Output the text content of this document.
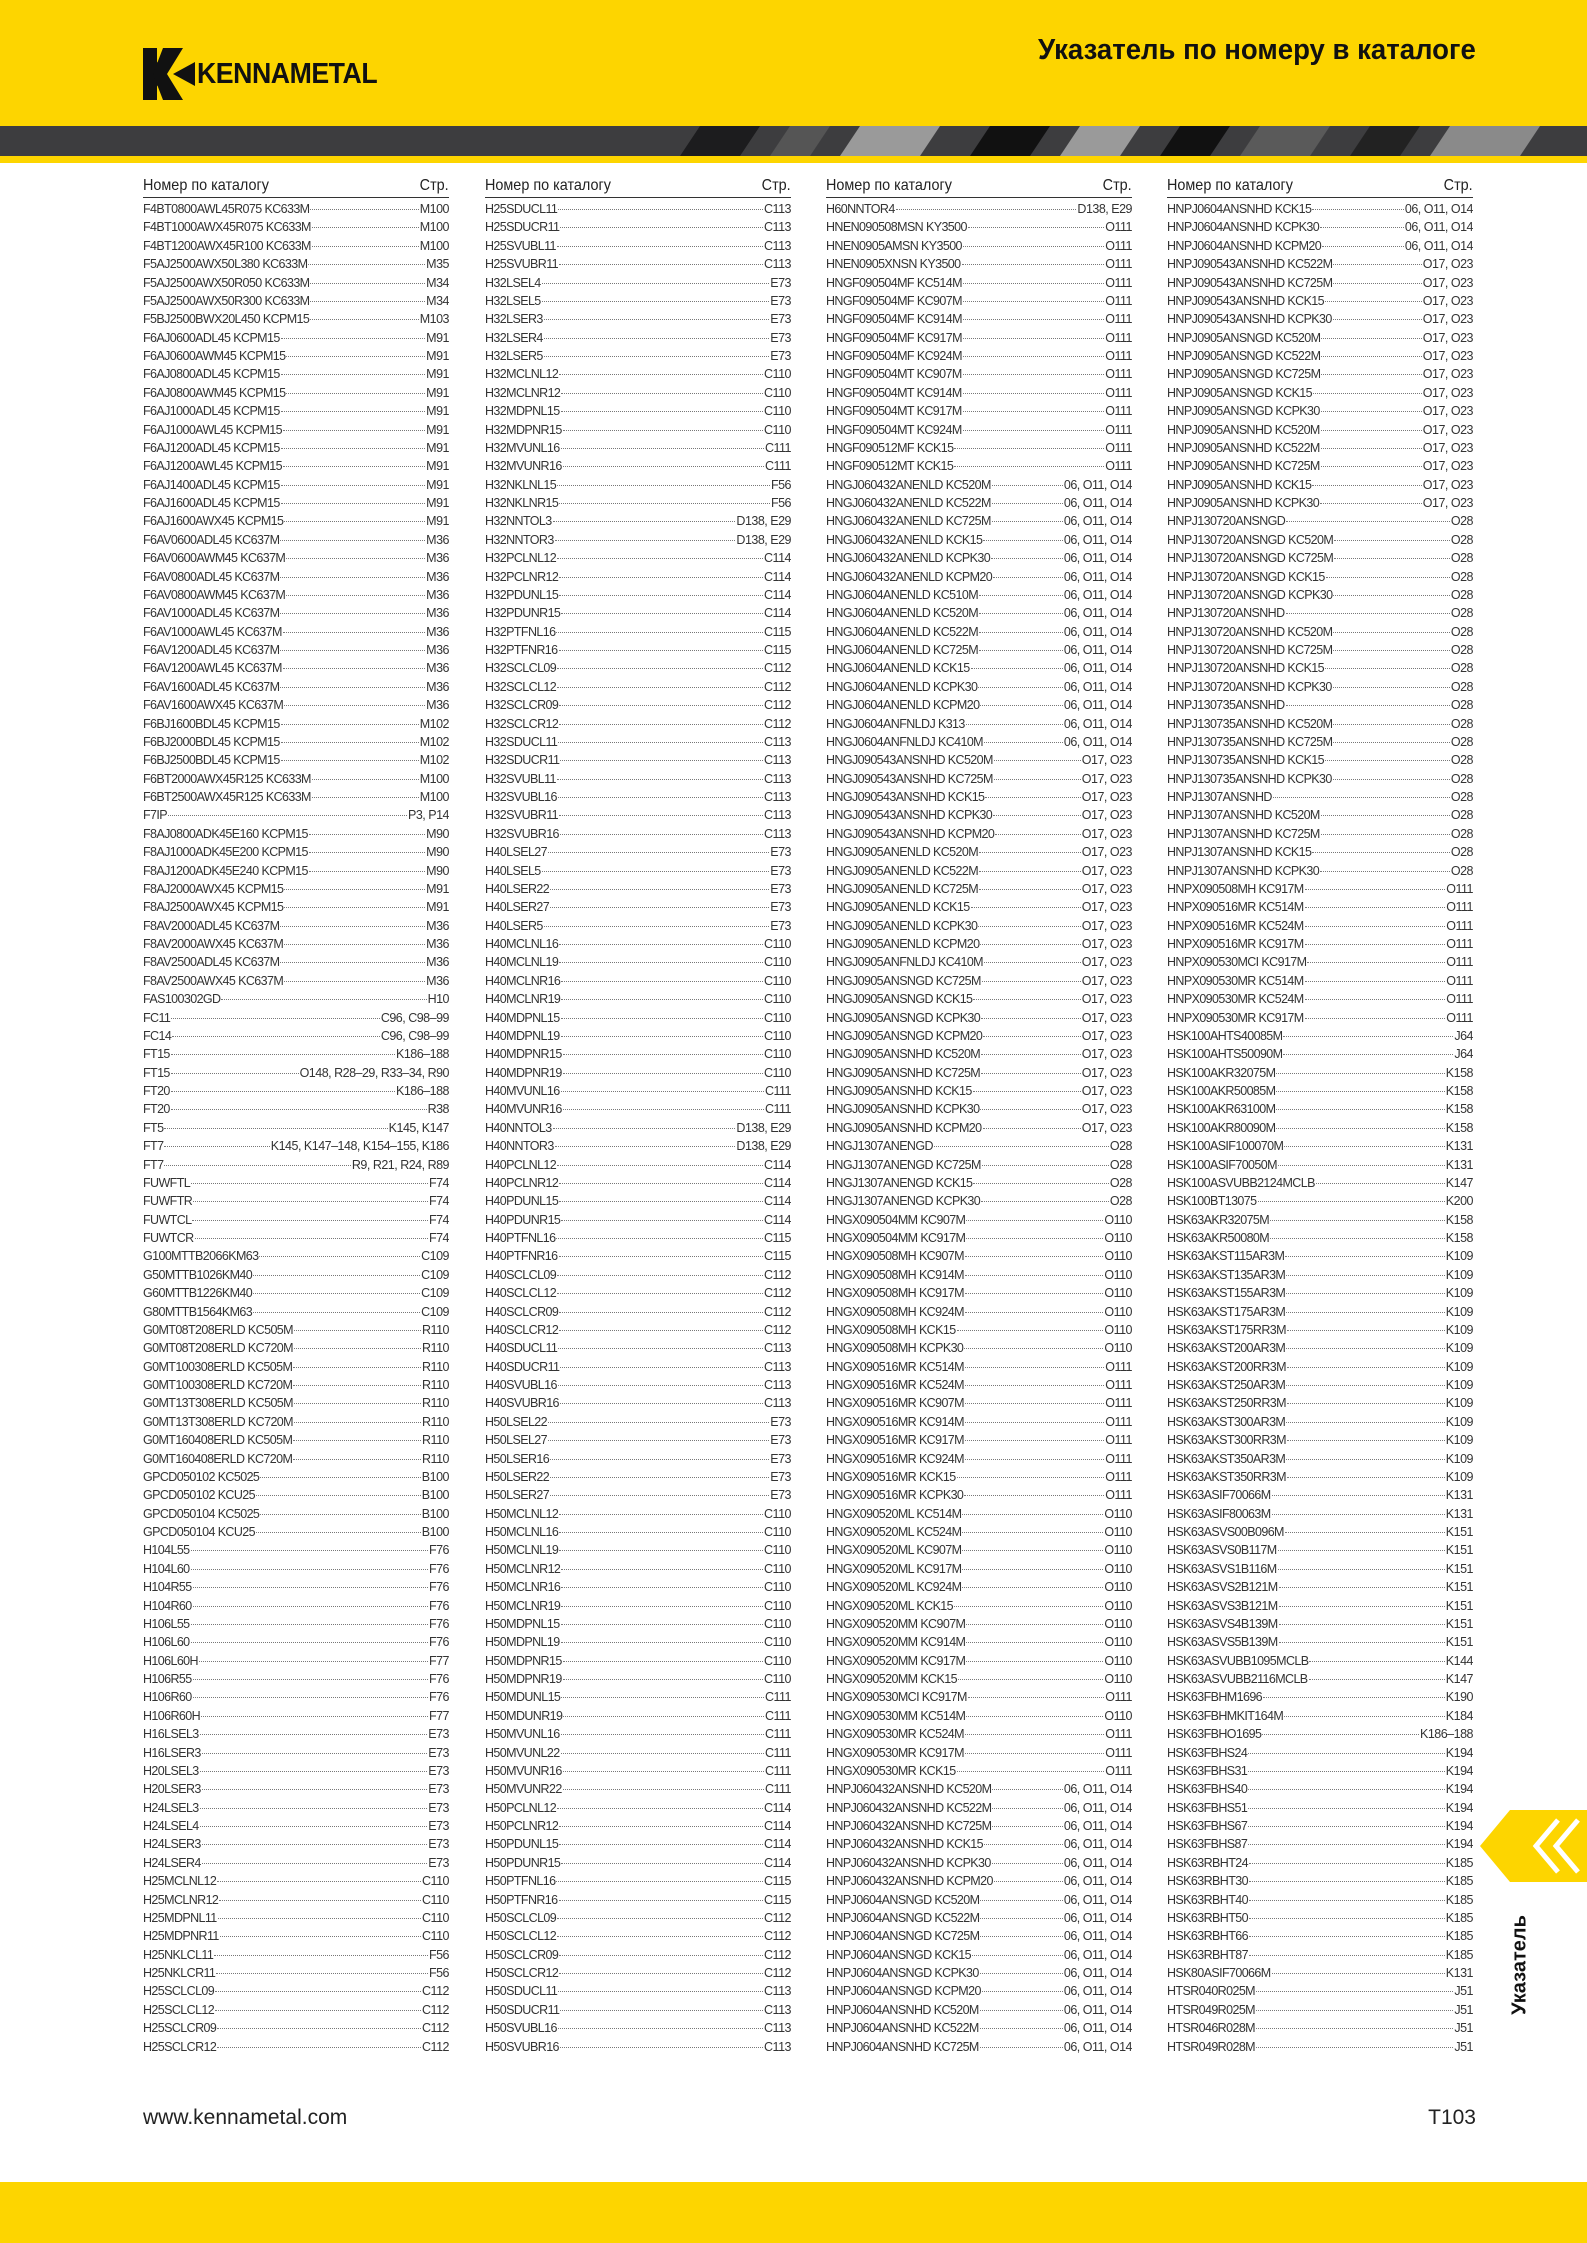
KENNAMETAL
Указатель по номеру в каталоге
Номер по каталогу	Стр.
F4BT0800AWL45R075 KC633M	M100
F4BT1000AWX45R075 KC633M	M100
F4BT1200AWX45R100 KC633M	M100
F5AJ2500AWX50L380 KC633M	M35
F5AJ2500AWX50R050 KC633M	M34
F5AJ2500AWX50R300 KC633M	M34
F5BJ2500BWX20L450 KCPM15	M103
F6AJ0600ADL45 KCPM15	M91
F6AJ0600AWM45 KCPM15	M91
F6AJ0800ADL45 KCPM15	M91
F6AJ0800AWM45 KCPM15	M91
F6AJ1000ADL45 KCPM15	M91
F6AJ1000AWL45 KCPM15	M91
F6AJ1200ADL45 KCPM15	M91
F6AJ1200AWL45 KCPM15	M91
F6AJ1400ADL45 KCPM15	M91
F6AJ1600ADL45 KCPM15	M91
F6AJ1600AWX45 KCPM15	M91
F6AV0600ADL45 KC637M	M36
F6AV0600AWM45 KC637M	M36
F6AV0800ADL45 KC637M	M36
F6AV0800AWM45 KC637M	M36
F6AV1000ADL45 KC637M	M36
F6AV1000AWL45 KC637M	M36
F6AV1200ADL45 KC637M	M36
F6AV1200AWL45 KC637M	M36
F6AV1600ADL45 KC637M	M36
F6AV1600AWX45 KC637M	M36
F6BJ1600BDL45 KCPM15	M102
F6BJ2000BDL45 KCPM15	M102
F6BJ2500BDL45 KCPM15	M102
F6BT2000AWX45R125 KC633M	M100
F6BT2500AWX45R125 KC633M	M100
F7IP	P3, P14
F8AJ0800ADK45E160 KCPM15	M90
F8AJ1000ADK45E200 KCPM15	M90
F8AJ1200ADK45E240 KCPM15	M90
F8AJ2000AWX45 KCPM15	M91
F8AJ2500AWX45 KCPM15	M91
F8AV2000ADL45 KC637M	M36
F8AV2000AWX45 KC637M	M36
F8AV2500ADL45 KC637M	M36
F8AV2500AWX45 KC637M	M36
FAS100302GD	H10
FC11	C96, C98–99
FC14	C96, C98–99
FT15	K186–188
FT15	O148, R28–29, R33–34, R90
FT20	K186–188
FT20	R38
FT5	K145, K147
FT7	K145, K147–148, K154–155, K186
FT7	R9, R21, R24, R89
FUWFTL	F74
FUWFTR	F74
FUWTCL	F74
FUWTCR	F74
G100MTTB2066KM63	C109
G50MTTB1026KM40	C109
G60MTTB1226KM40	C109
G80MTTB1564KM63	C109
G0MT08T208ERLD KC505M	R110
G0MT08T208ERLD KC720M	R110
G0MT100308ERLD KC505M	R110
G0MT100308ERLD KC720M	R110
G0MT13T308ERLD KC505M	R110
G0MT13T308ERLD KC720M	R110
G0MT160408ERLD KC505M	R110
G0MT160408ERLD KC720M	R110
GPCD050102 KC5025	B100
GPCD050102 KCU25	B100
GPCD050104 KC5025	B100
GPCD050104 KCU25	B100
H104L55	F76
H104L60	F76
H104R55	F76
H104R60	F76
H106L55	F76
H106L60	F76
H106L60H	F77
H106R55	F76
H106R60	F76
H106R60H	F77
H16LSEL3	E73
H16LSER3	E73
H20LSEL3	E73
H20LSER3	E73
H24LSEL3	E73
H24LSEL4	E73
H24LSER3	E73
H24LSER4	E73
H25MCLNL12	C110
H25MCLNR12	C110
H25MDPNL11	C110
H25MDPNR11	C110
H25NKLCL11	F56
H25NKLCR11	F56
H25SCLCL09	C112
H25SCLCL12	C112
H25SCLCR09	C112
H25SCLCR12	C112
Номер по каталогу	Стр.
H25SDUCL11	C113
H25SDUCR11	C113
H25SVUBL11	C113
H25SVUBR11	C113
H32LSEL4	E73
H32LSEL5	E73
H32LSER3	E73
H32LSER4	E73
H32LSER5	E73
H32MCLNL12	C110
H32MCLNR12	C110
H32MDPNL15	C110
H32MDPNR15	C110
H32MVUNL16	C111
H32MVUNR16	C111
H32NKLNL15	F56
H32NKLNR15	F56
H32NNTOL3	D138, E29
H32NNTOR3	D138, E29
H32PCLNL12	C114
H32PCLNR12	C114
H32PDUNL15	C114
H32PDUNR15	C114
H32PTFNL16	C115
H32PTFNR16	C115
H32SCLCL09	C112
H32SCLCL12	C112
H32SCLCR09	C112
H32SCLCR12	C112
H32SDUCL11	C113
H32SDUCR11	C113
H32SVUBL11	C113
H32SVUBL16	C113
H32SVUBR11	C113
H32SVUBR16	C113
H40LSEL27	E73
H40LSEL5	E73
H40LSER22	E73
H40LSER27	E73
H40LSER5	E73
H40MCLNL16	C110
H40MCLNL19	C110
H40MCLNR16	C110
H40MCLNR19	C110
H40MDPNL15	C110
H40MDPNL19	C110
H40MDPNR15	C110
H40MDPNR19	C110
H40MVUNL16	C111
H40MVUNR16	C111
H40NNTOL3	D138, E29
H40NNTOR3	D138, E29
H40PCLNL12	C114
H40PCLNR12	C114
H40PDUNL15	C114
H40PDUNR15	C114
H40PTFNL16	C115
H40PTFNR16	C115
H40SCLCL09	C112
H40SCLCL12	C112
H40SCLCR09	C112
H40SCLCR12	C112
H40SDUCL11	C113
H40SDUCR11	C113
H40SVUBL16	C113
H40SVUBR16	C113
H50LSEL22	E73
H50LSEL27	E73
H50LSER16	E73
H50LSER22	E73
H50LSER27	E73
H50MCLNL12	C110
H50MCLNL16	C110
H50MCLNL19	C110
H50MCLNR12	C110
H50MCLNR16	C110
H50MCLNR19	C110
H50MDPNL15	C110
H50MDPNL19	C110
H50MDPNR15	C110
H50MDPNR19	C110
H50MDUNL15	C111
H50MDUNR19	C111
H50MVUNL16	C111
H50MVUNL22	C111
H50MVUNR16	C111
H50MVUNR22	C111
H50PCLNL12	C114
H50PCLNR12	C114
H50PDUNL15	C114
H50PDUNR15	C114
H50PTFNL16	C115
H50PTFNR16	C115
H50SCLCL09	C112
H50SCLCL12	C112
H50SCLCR09	C112
H50SCLCR12	C112
H50SDUCL11	C113
H50SDUCR11	C113
H50SVUBL16	C113
H50SVUBR16	C113
Номер по каталогу	Стр.
H60NNTOR4	D138, E29
HNEN090508MSN KY3500	O111
HNEN0905AMSN KY3500	O111
HNEN0905XNSN KY3500	O111
HNGF090504MF KC514M	O111
HNGF090504MF KC907M	O111
HNGF090504MF KC914M	O111
HNGF090504MF KC917M	O111
HNGF090504MF KC924M	O111
HNGF090504MT KC907M	O111
HNGF090504MT KC914M	O111
HNGF090504MT KC917M	O111
HNGF090504MT KC924M	O111
HNGF090512MF KCK15	O111
HNGF090512MT KCK15	O111
HNGJ060432ANENLD KC520M	06, O11, O14
HNGJ060432ANENLD KC522M	06, O11, O14
HNGJ060432ANENLD KC725M	06, O11, O14
HNGJ060432ANENLD KCK15	06, O11, O14
HNGJ060432ANENLD KCPK30	06, O11, O14
HNGJ060432ANENLD KCPM20	06, O11, O14
HNGJ0604ANENLD KC510M	06, O11, O14
HNGJ0604ANENLD KC520M	06, O11, O14
HNGJ0604ANENLD KC522M	06, O11, O14
HNGJ0604ANENLD KC725M	06, O11, O14
HNGJ0604ANENLD KCK15	06, O11, O14
HNGJ0604ANENLD KCPK30	06, O11, O14
HNGJ0604ANENLD KCPM20	06, O11, O14
HNGJ0604ANFNLDJ K313	06, O11, O14
HNGJ0604ANFNLDJ KC410M	06, O11, O14
HNGJ090543ANSNHD KC520M	O17, O23
HNGJ090543ANSNHD KC725M	O17, O23
HNGJ090543ANSNHD KCK15	O17, O23
HNGJ090543ANSNHD KCPK30	O17, O23
HNGJ090543ANSNHD KCPM20	O17, O23
HNGJ0905ANENLD KC520M	O17, O23
HNGJ0905ANENLD KC522M	O17, O23
HNGJ0905ANENLD KC725M	O17, O23
HNGJ0905ANENLD KCK15	O17, O23
HNGJ0905ANENLD KCPK30	O17, O23
HNGJ0905ANENLD KCPM20	O17, O23
HNGJ0905ANFNLDJ KC410M	O17, O23
HNGJ0905ANSNGD KC725M	O17, O23
HNGJ0905ANSNGD KCK15	O17, O23
HNGJ0905ANSNGD KCPK30	O17, O23
HNGJ0905ANSNGD KCPM20	O17, O23
HNGJ0905ANSNHD KC520M	O17, O23
HNGJ0905ANSNHD KC725M	O17, O23
HNGJ0905ANSNHD KCK15	O17, O23
HNGJ0905ANSNHD KCPK30	O17, O23
HNGJ0905ANSNHD KCPM20	O17, O23
HNGJ1307ANENGD	O28
HNGJ1307ANENGD KC725M	O28
HNGJ1307ANENGD KCK15	O28
HNGJ1307ANENGD KCPK30	O28
HNGX090504MM KC907M	O110
HNGX090504MM KC917M	O110
HNGX090508MH KC907M	O110
HNGX090508MH KC914M	O110
HNGX090508MH KC917M	O110
HNGX090508MH KC924M	O110
HNGX090508MH KCK15	O110
HNGX090508MH KCPK30	O110
HNGX090516MR KC514M	O111
HNGX090516MR KC524M	O111
HNGX090516MR KC907M	O111
HNGX090516MR KC914M	O111
HNGX090516MR KC917M	O111
HNGX090516MR KC924M	O111
HNGX090516MR KCK15	O111
HNGX090516MR KCPK30	O111
HNGX090520ML KC514M	O110
HNGX090520ML KC524M	O110
HNGX090520ML KC907M	O110
HNGX090520ML KC917M	O110
HNGX090520ML KC924M	O110
HNGX090520ML KCK15	O110
HNGX090520MM KC907M	O110
HNGX090520MM KC914M	O110
HNGX090520MM KC917M	O110
HNGX090520MM KCK15	O110
HNGX090530MCI KC917M	O111
HNGX090530MM KC514M	O110
HNGX090530MR KC524M	O111
HNGX090530MR KC917M	O111
HNGX090530MR KCK15	O111
HNPJ060432ANSNHD KC520M	06, O11, O14
HNPJ060432ANSNHD KC522M	06, O11, O14
HNPJ060432ANSNHD KC725M	06, O11, O14
HNPJ060432ANSNHD KCK15	06, O11, O14
HNPJ060432ANSNHD KCPK30	06, O11, O14
HNPJ060432ANSNHD KCPM20	06, O11, O14
HNPJ0604ANSNGD KC520M	06, O11, O14
HNPJ0604ANSNGD KC522M	06, O11, O14
HNPJ0604ANSNGD KC725M	06, O11, O14
HNPJ0604ANSNGD KCK15	06, O11, O14
HNPJ0604ANSNGD KCPK30	06, O11, O14
HNPJ0604ANSNGD KCPM20	06, O11, O14
HNPJ0604ANSNHD KC520M	06, O11, O14
HNPJ0604ANSNHD KC522M	06, O11, O14
HNPJ0604ANSNHD KC725M	06, O11, O14
Номер по каталогу	Стр.
HNPJ0604ANSNHD KCK15	06, O11, O14
HNPJ0604ANSNHD KCPK30	06, O11, O14
HNPJ0604ANSNHD KCPM20	06, O11, O14
HNPJ090543ANSNHD KC522M	O17, O23
HNPJ090543ANSNHD KC725M	O17, O23
HNPJ090543ANSNHD KCK15	O17, O23
HNPJ090543ANSNHD KCPK30	O17, O23
HNPJ0905ANSNGD KC520M	O17, O23
HNPJ0905ANSNGD KC522M	O17, O23
HNPJ0905ANSNGD KC725M	O17, O23
HNPJ0905ANSNGD KCK15	O17, O23
HNPJ0905ANSNGD KCPK30	O17, O23
HNPJ0905ANSNHD KC520M	O17, O23
HNPJ0905ANSNHD KC522M	O17, O23
HNPJ0905ANSNHD KC725M	O17, O23
HNPJ0905ANSNHD KCK15	O17, O23
HNPJ0905ANSNHD KCPK30	O17, O23
HNPJ130720ANSNGD	O28
HNPJ130720ANSNGD KC520M	O28
HNPJ130720ANSNGD KC725M	O28
HNPJ130720ANSNGD KCK15	O28
HNPJ130720ANSNGD KCPK30	O28
HNPJ130720ANSNHD	O28
HNPJ130720ANSNHD KC520M	O28
HNPJ130720ANSNHD KC725M	O28
HNPJ130720ANSNHD KCK15	O28
HNPJ130720ANSNHD KCPK30	O28
HNPJ130735ANSNHD	O28
HNPJ130735ANSNHD KC520M	O28
HNPJ130735ANSNHD KC725M	O28
HNPJ130735ANSNHD KCK15	O28
HNPJ130735ANSNHD KCPK30	O28
HNPJ1307ANSNHD	O28
HNPJ1307ANSNHD KC520M	O28
HNPJ1307ANSNHD KC725M	O28
HNPJ1307ANSNHD KCK15	O28
HNPJ1307ANSNHD KCPK30	O28
HNPX090508MH KC917M	O111
HNPX090516MR KC514M	O111
HNPX090516MR KC524M	O111
HNPX090516MR KC917M	O111
HNPX090530MCI KC917M	O111
HNPX090530MR KC514M	O111
HNPX090530MR KC524M	O111
HNPX090530MR KC917M	O111
HSK100AHTS40085M	J64
HSK100AHTS50090M	J64
HSK100AKR32075M	K158
HSK100AKR50085M	K158
HSK100AKR63100M	K158
HSK100AKR80090M	K158
HSK100ASIF100070M	K131
HSK100ASIF70050M	K131
HSK100ASVUBB2124MCLB	K147
HSK100BT13075	K200
HSK63AKR32075M	K158
HSK63AKR50080M	K158
HSK63AKST115AR3M	K109
HSK63AKST135AR3M	K109
HSK63AKST155AR3M	K109
HSK63AKST175AR3M	K109
HSK63AKST175RR3M	K109
HSK63AKST200AR3M	K109
HSK63AKST200RR3M	K109
HSK63AKST250AR3M	K109
HSK63AKST250RR3M	K109
HSK63AKST300AR3M	K109
HSK63AKST300RR3M	K109
HSK63AKST350AR3M	K109
HSK63AKST350RR3M	K109
HSK63ASIF70066M	K131
HSK63ASIF80063M	K131
HSK63ASVS00B096M	K151
HSK63ASVS0B117M	K151
HSK63ASVS1B116M	K151
HSK63ASVS2B121M	K151
HSK63ASVS3B121M	K151
HSK63ASVS4B139M	K151
HSK63ASVS5B139M	K151
HSK63ASVUBB1095MCLB	K144
HSK63ASVUBB2116MCLB	K147
HSK63FBHM1696	K190
HSK63FBHMKIT164M	K184
HSK63FBHO1695	K186–188
HSK63FBHS24	K194
HSK63FBHS31	K194
HSK63FBHS40	K194
HSK63FBHS51	K194
HSK63FBHS67	K194
HSK63FBHS87	K194
HSK63RBHT24	K185
HSK63RBHT30	K185
HSK63RBHT40	K185
HSK63RBHT50	K185
HSK63RBHT66	K185
HSK63RBHT87	K185
HSK80ASIF70066M	K131
HTSR040R025M	J51
HTSR049R025M	J51
HTSR046R028M	J51
HTSR049R028M	J51
www.kennametal.com	T103
Указатель
